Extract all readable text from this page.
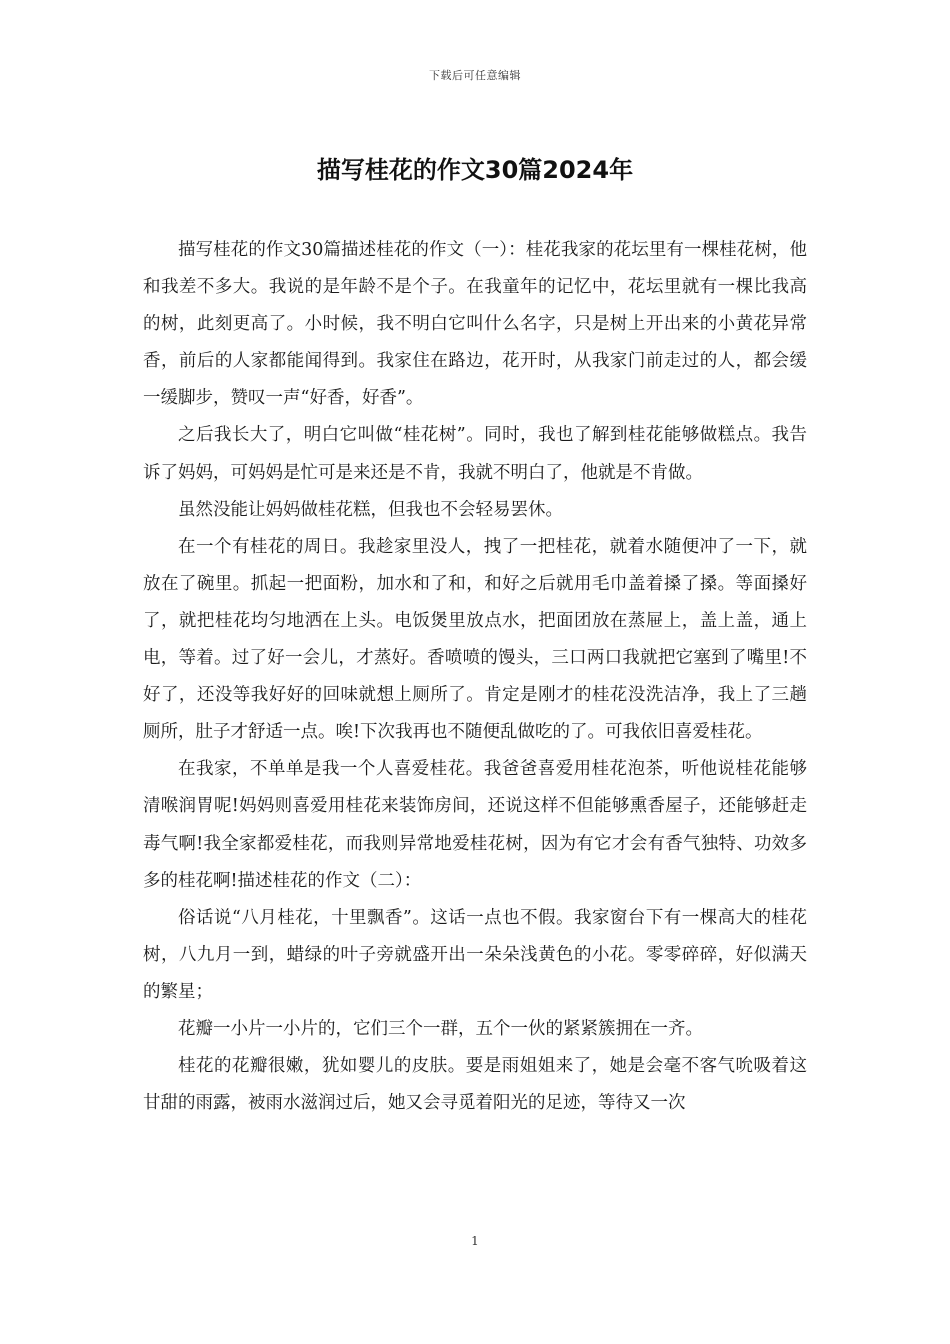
下载后可任意编辑
描写桂花的作文30篇2024年

描写桂花的作文30篇描述桂花的作文（一）：桂花我家的花坛里有一棵桂花树，他和我差不多大。我说的是年龄不是个子。在我童年的记忆中，花坛里就有一棵比我高的树，此刻更高了。小时候，我不明白它叫什么名字，只是树上开出来的小黄花异常香，前后的人家都能闻得到。我家住在路边，花开时，从我家门前走过的人，都会缓一缓脚步，赞叹一声“好香，好香”。

之后我长大了，明白它叫做“桂花树”。同时，我也了解到桂花能够做糕点。我告诉了妈妈，可妈妈是忙可是来还是不肯，我就不明白了，他就是不肯做。

虽然没能让妈妈做桂花糕，但我也不会轻易罢休。

在一个有桂花的周日。我趁家里没人，拽了一把桂花，就着水随便冲了一下，就放在了碗里。抓起一把面粉，加水和了和，和好之后就用毛巾盖着搡了搡。等面搡好了，就把桂花均匀地洒在上头。电饭煲里放点水，把面团放在蒸屉上，盖上盖，通上电，等着。过了好一会儿，才蒸好。香喷喷的馒头，三口两口我就把它塞到了嘴里!不好了，还没等我好好的回味就想上厕所了。肯定是刚才的桂花没洗洁净，我上了三趟厕所，肚子才舒适一点。唉!下次我再也不随便乱做吃的了。可我依旧喜爱桂花。

在我家，不单单是我一个人喜爱桂花。我爸爸喜爱用桂花泡茶，听他说桂花能够清喉润胃呢!妈妈则喜爱用桂花来装饰房间，还说这样不但能够熏香屋子，还能够赶走毒气啊!我全家都爱桂花，而我则异常地爱桂花树，因为有它才会有香气独特、功效多多的桂花啊!描述桂花的作文（二）：

俗话说“八月桂花，十里飘香”。这话一点也不假。我家窗台下有一棵高大的桂花树，八九月一到，蜡绿的叶子旁就盛开出一朵朵浅黄色的小花。零零碎碎，好似满天的繁星；

花瓣一小片一小片的，它们三个一群，五个一伙的紧紧簇拥在一齐。

桂花的花瓣很嫩，犹如婴儿的皮肤。要是雨姐姐来了，她是会毫不客气吮吸着这甘甜的雨露，被雨水滋润过后，她又会寻觅着阳光的足迹，等待又一次

1
